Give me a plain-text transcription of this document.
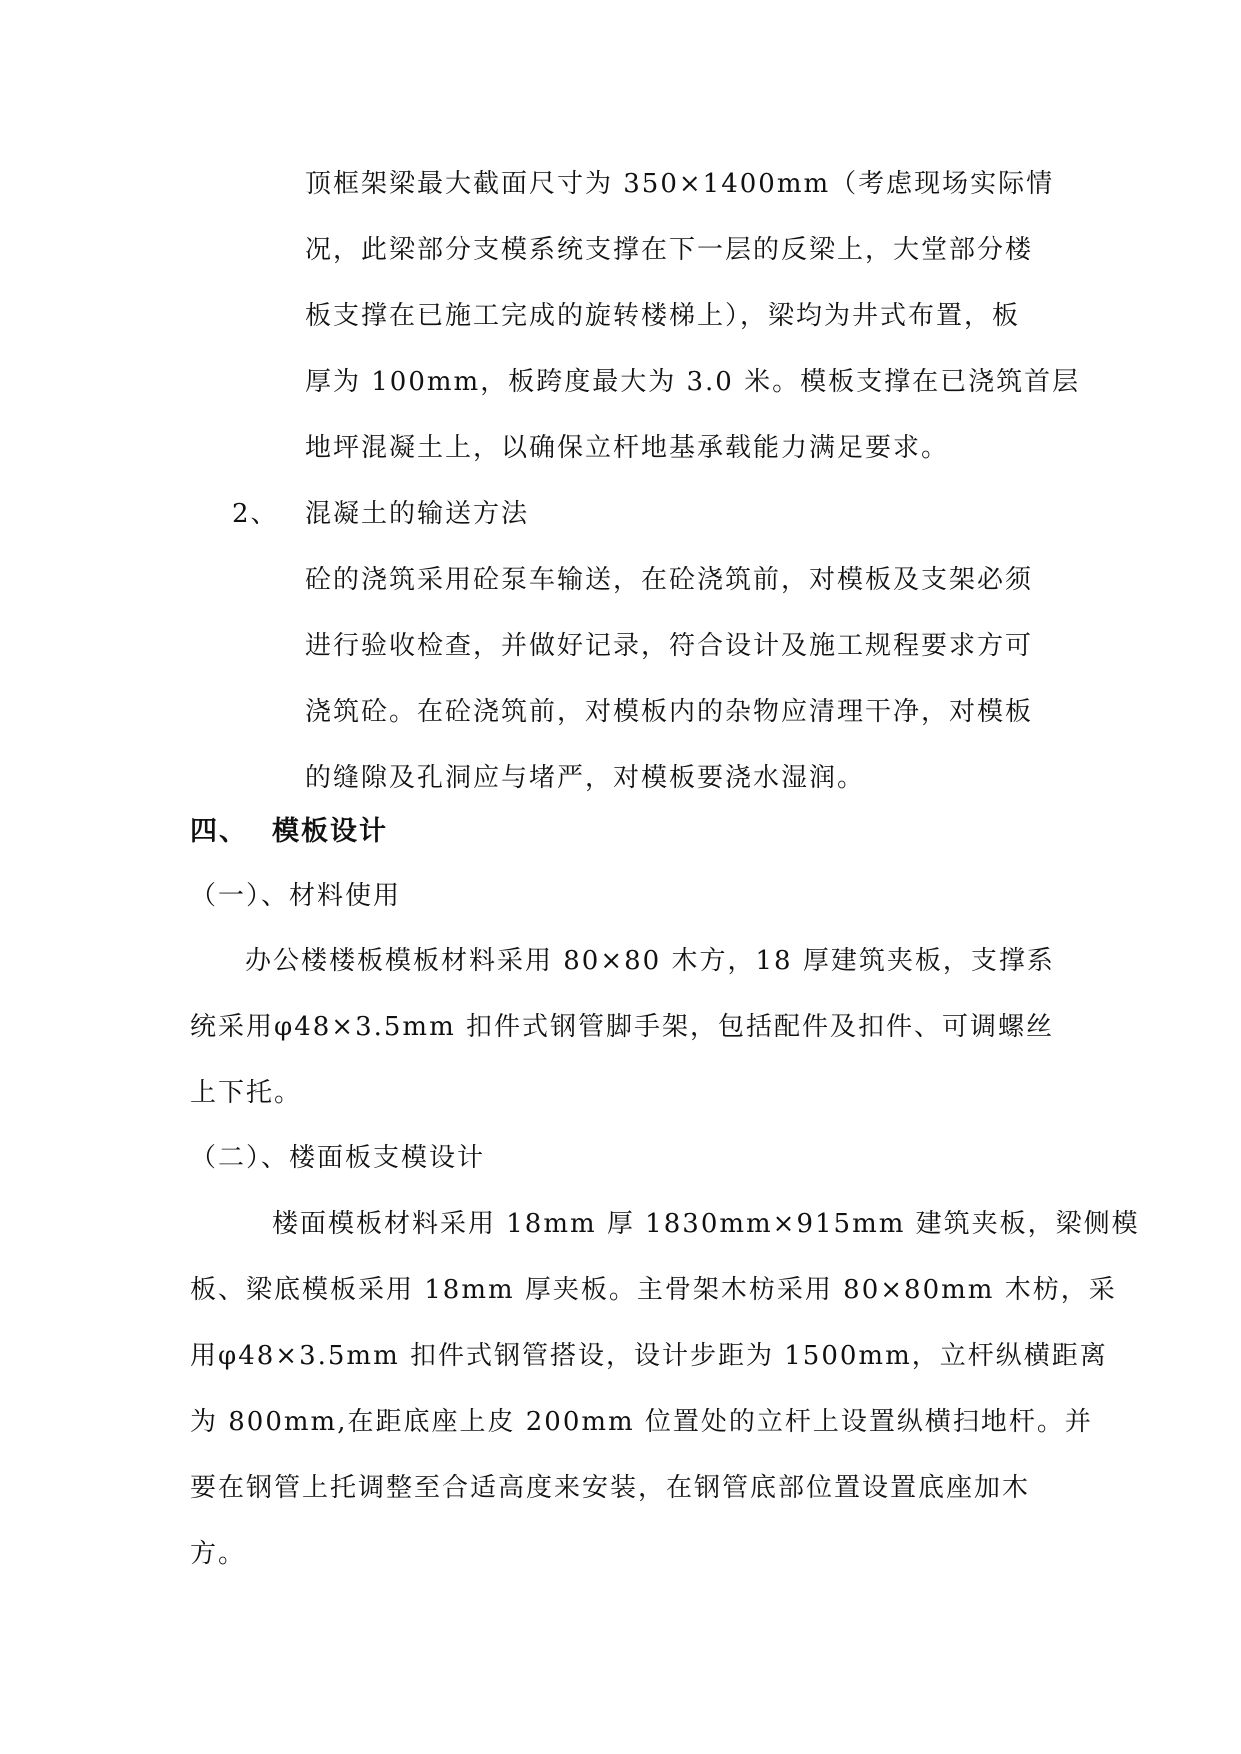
顶框架梁最大截面尺寸为 350×1400mm（考虑现场实际情
况，此梁部分支模系统支撑在下一层的反梁上，大堂部分楼
板支撑在已施工完成的旋转楼梯上），梁均为井式布置，板
厚为 100mm，板跨度最大为 3.0 米。模板支撑在已浇筑首层
地坪混凝土上，以确保立杆地基承载能力满足要求。
2、 混凝土的输送方法
砼的浇筑采用砼泵车输送，在砼浇筑前，对模板及支架必须
进行验收检查，并做好记录，符合设计及施工规程要求方可
浇筑砼。在砼浇筑前，对模板内的杂物应清理干净，对模板
的缝隙及孔洞应与堵严，对模板要浇水湿润。
四、 模板设计
（一）、材料使用
办公楼楼板模板材料采用 80×80 木方，18 厚建筑夹板，支撑系
统采用φ48×3.5mm 扣件式钢管脚手架，包括配件及扣件、可调螺丝
上下托。
（二）、楼面板支模设计
楼面模板材料采用 18mm 厚 1830mm×915mm 建筑夹板，梁侧模
板、梁底模板采用 18mm 厚夹板。主骨架木枋采用 80×80mm 木枋，采
用φ48×3.5mm 扣件式钢管搭设，设计步距为 1500mm，立杆纵横距离
为 800mm,在距底座上皮 200mm 位置处的立杆上设置纵横扫地杆。并
要在钢管上托调整至合适高度来安装，在钢管底部位置设置底座加木
方。
